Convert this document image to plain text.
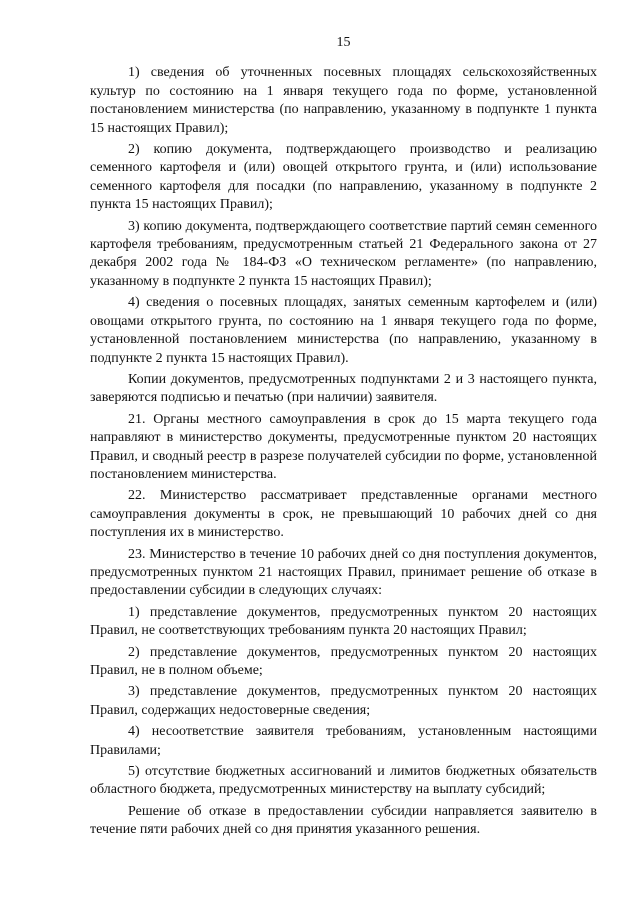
15

1) сведения об уточненных посевных площадях сельскохозяйственных культур по состоянию на 1 января текущего года по форме, установленной постановлением министерства (по направлению, указанному в подпункте 1 пункта 15 настоящих Правил);

2) копию документа, подтверждающего производство и реализацию семенного картофеля и (или) овощей открытого грунта, и (или) использование семенного картофеля для посадки (по направлению, указанному в подпункте 2 пункта 15 настоящих Правил);

3) копию документа, подтверждающего соответствие партий семян семенного картофеля требованиям, предусмотренным статьей 21 Федерального закона от 27 декабря 2002 года № 184-ФЗ «О техническом регламенте» (по направлению, указанному в подпункте 2 пункта 15 настоящих Правил);

4) сведения о посевных площадях, занятых семенным картофелем и (или) овощами открытого грунта, по состоянию на 1 января текущего года по форме, установленной постановлением министерства (по направлению, указанному в подпункте 2 пункта 15 настоящих Правил).

Копии документов, предусмотренных подпунктами 2 и 3 настоящего пункта, заверяются подписью и печатью (при наличии) заявителя.

21. Органы местного самоуправления в срок до 15 марта текущего года направляют в министерство документы, предусмотренные пунктом 20 настоящих Правил, и сводный реестр в разрезе получателей субсидии по форме, установленной постановлением министерства.

22. Министерство рассматривает представленные органами местного самоуправления документы в срок, не превышающий 10 рабочих дней со дня поступления их в министерство.

23. Министерство в течение 10 рабочих дней со дня поступления документов, предусмотренных пунктом 21 настоящих Правил, принимает решение об отказе в предоставлении субсидии в следующих случаях:

1) представление документов, предусмотренных пунктом 20 настоящих Правил, не соответствующих требованиям пункта 20 настоящих Правил;

2) представление документов, предусмотренных пунктом 20 настоящих Правил, не в полном объеме;

3) представление документов, предусмотренных пунктом 20 настоящих Правил, содержащих недостоверные сведения;

4) несоответствие заявителя требованиям, установленным настоящими Правилами;

5) отсутствие бюджетных ассигнований и лимитов бюджетных обязательств областного бюджета, предусмотренных министерству на выплату субсидий;

Решение об отказе в предоставлении субсидии направляется заявителю в течение пяти рабочих дней со дня принятия указанного решения.
